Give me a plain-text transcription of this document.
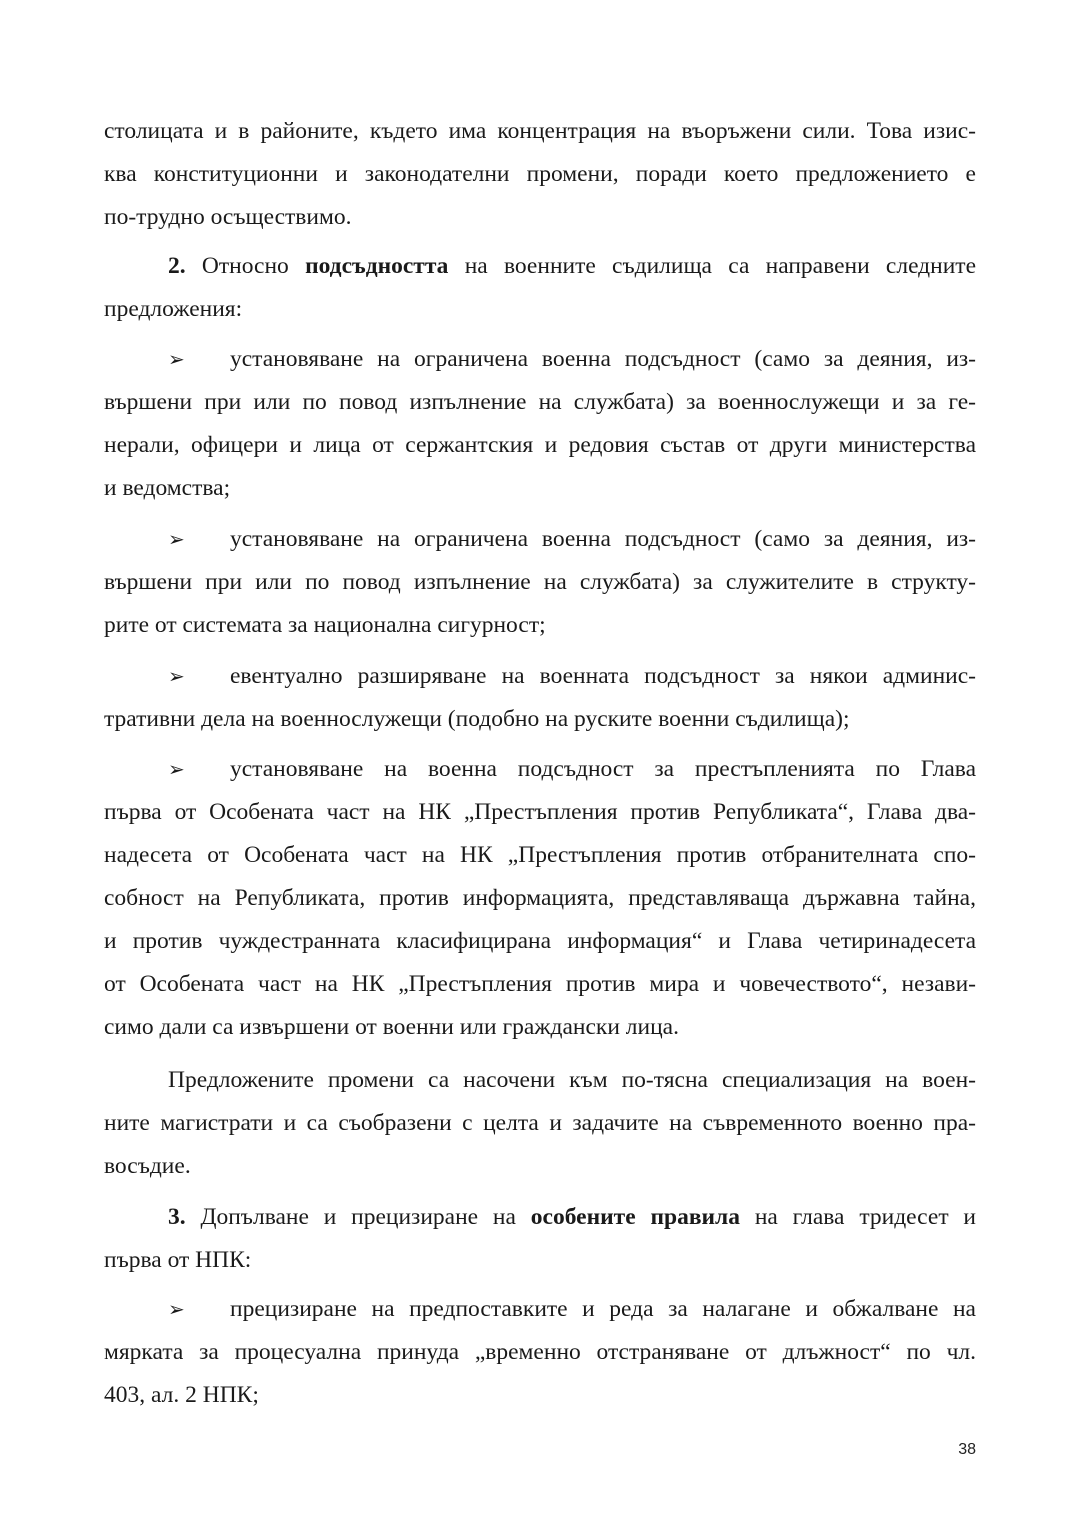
столицата и в районите, където има концентрация на въоръжени сили. Това изис-
ква конституционни и законодателни промени, поради което предложението е
по-трудно осъществимо.
2. Относно подсъдността на военните съдилища са направени следните
предложения:
➢ установяване на ограничена военна подсъдност (само за деяния, из-
вършени при или по повод изпълнение на службата) за военнослужещи и за ге-
нерали, офицери и лица от сержантския и редовия състав от други министерства
и ведомства;
➢ установяване на ограничена военна подсъдност (само за деяния, из-
вършени при или по повод изпълнение на службата) за служителите в структу-
рите от системата за национална сигурност;
➢ евентуално разширяване на военната подсъдност за някои админис-
тративни дела на военнослужещи (подобно на руските военни съдилища);
➢ установяване на военна подсъдност за престъпленията по Глава
първа от Особената част на НК „Престъпления против Републиката“, Глава два-
надесета от Особената част на НК „Престъпления против отбранителната спо-
собност на Републиката, против информацията, представляваща държавна тайна,
и против чуждестранната класифицирана информация“ и Глава четиринадесета
от Особената част на НК „Престъпления против мира и човечеството“, незави-
симо дали са извършени от военни или граждански лица.
Предложените промени са насочени към по-тясна специализация на воен-
ните магистрати и са съобразени с целта и задачите на съвременното военно пра-
восъдие.
3. Допълване и прецизиране на особените правила на глава тридесет и
първа от НПК:
➢ прецизиране на предпоставките и реда за налагане и обжалване на
мярката за процесуална принуда „временно отстраняване от длъжност“ по чл.
403, ал. 2 НПК;
38
